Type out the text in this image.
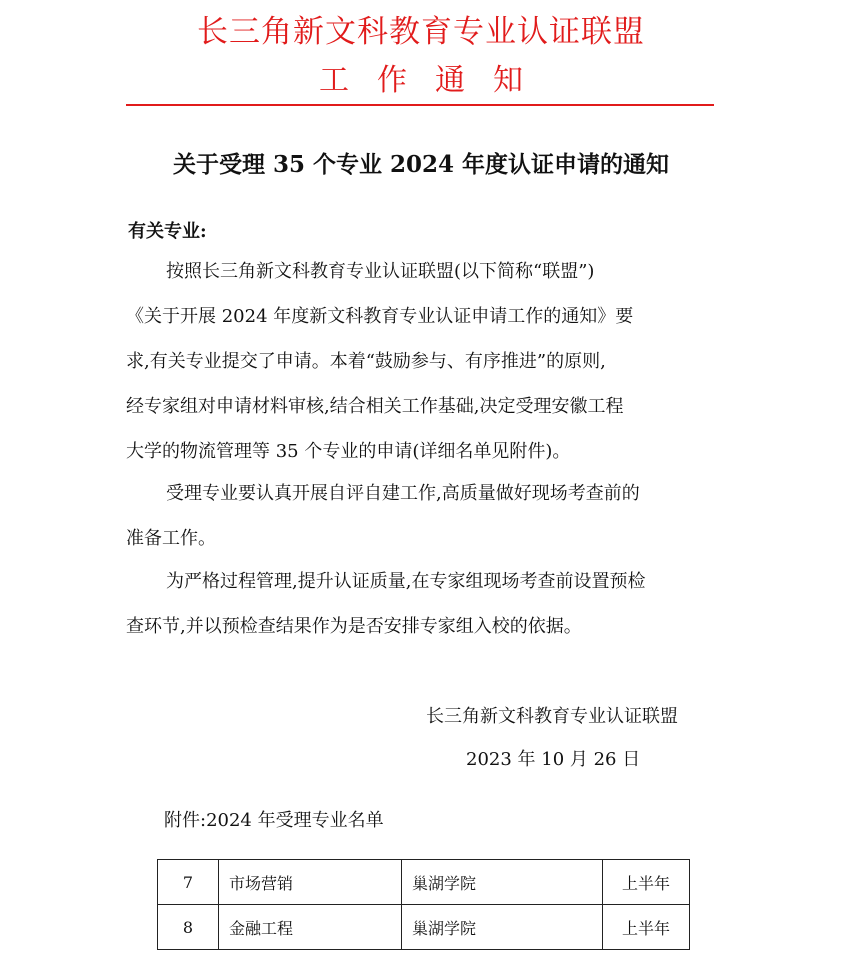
长三角新文科教育专业认证联盟
工作通知
关于受理 35 个专业 2024 年度认证申请的通知
有关专业:

按照长三角新文科教育专业认证联盟(以下简称“联盟”)
《关于开展 2024 年度新文科教育专业认证申请工作的通知》要
求,有关专业提交了申请。本着“鼓励参与、有序推进”的原则,
经专家组对申请材料审核,结合相关工作基础,决定受理安徽工程
大学的物流管理等 35 个专业的申请(详细名单见附件)。

受理专业要认真开展自评自建工作,高质量做好现场考查前的
准备工作。

为严格过程管理,提升认证质量,在专家组现场考查前设置预检
查环节,并以预检查结果作为是否安排专家组入校的依据。

长三角新文科教育专业认证联盟
2023 年 10 月 26 日
附件:2024 年受理专业名单
7	市场营销	巢湖学院	上半年
8	金融工程	巢湖学院	上半年
